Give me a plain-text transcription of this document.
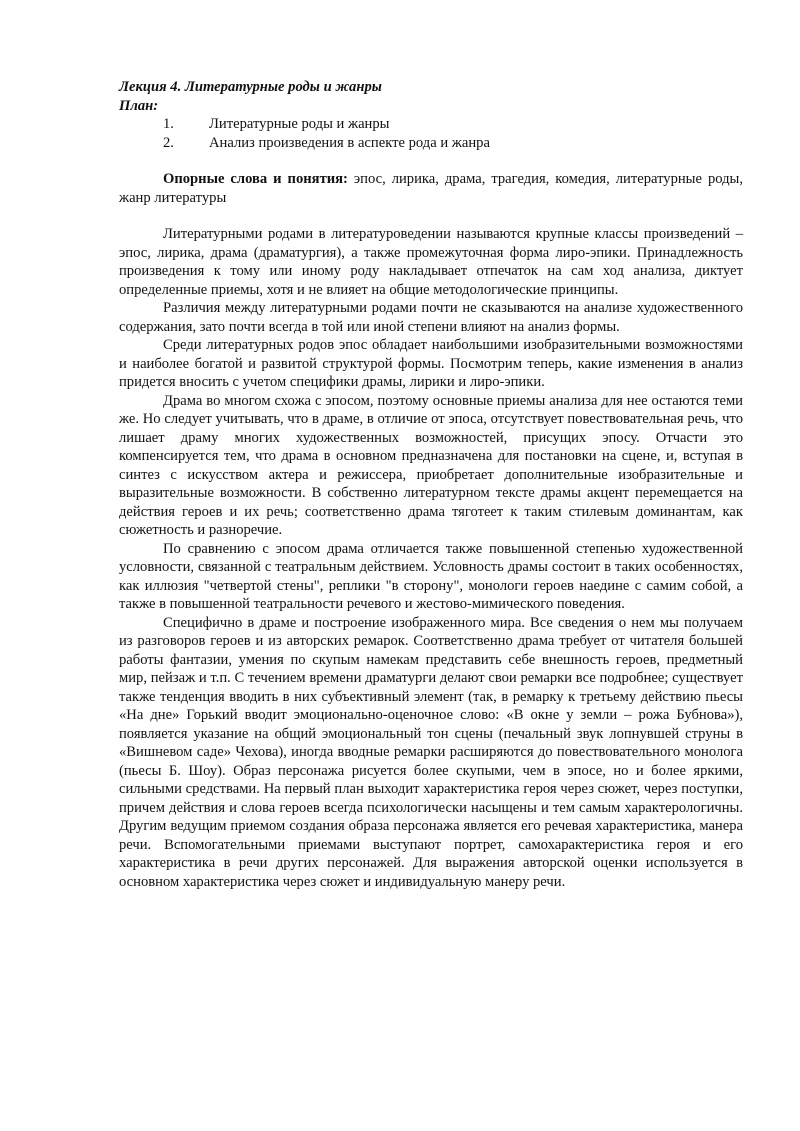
Лекция 4. Литературные роды и жанры

План:

1.	Литературные роды и жанры
2.	Анализ произведения в аспекте рода и жанра

Опорные слова и понятия: эпос, лирика, драма, трагедия, комедия, литературные роды, жанр литературы

Литературными родами в литературоведении называются крупные классы произведений – эпос, лирика, драма (драматургия), а также промежуточная форма лиро-эпики. Принадлежность произведения к тому или иному роду накладывает отпечаток на сам ход анализа, диктует определенные приемы, хотя и не влияет на общие методологические принципы.

Различия между литературными родами почти не сказываются на анализе художественного содержания, зато почти всегда в той или иной степени влияют на анализ формы.

Среди литературных родов эпос обладает наибольшими изобразительными возможностями и наиболее богатой и развитой структурой формы. Посмотрим теперь, какие изменения в анализ придется вносить с учетом специфики драмы, лирики и лиро-эпики.

Драма во многом схожа с эпосом, поэтому основные приемы анализа для нее остаются теми же. Но следует учитывать, что в драме, в отличие от эпоса, отсутствует повествовательная речь, что лишает драму многих художественных возможностей, присущих эпосу. Отчасти это компенсируется тем, что драма в основном предназначена для постановки на сцене, и, вступая в синтез с искусством актера и режиссера, приобретает дополнительные изобразительные и выразительные возможности. В собственно литературном тексте драмы акцент перемещается на действия героев и их речь; соответственно драма тяготеет к таким стилевым доминантам, как сюжетность и разноречие.

По сравнению с эпосом драма отличается также повышенной степенью художественной условности, связанной с театральным действием. Условность драмы состоит в таких особенностях, как иллюзия "четвертой стены", реплики "в сторону", монологи героев наедине с самим собой, а также в повышенной театральности речевого и жестово-мимического поведения.

Специфично в драме и построение изображенного мира. Все сведения о нем мы получаем из разговоров героев и из авторских ремарок. Соответственно драма требует от читателя большей работы фантазии, умения по скупым намекам представить себе внешность героев, предметный мир, пейзаж и т.п. С течением времени драматурги делают свои ремарки все подробнее; существует также тенденция вводить в них субъективный элемент (так, в ремарку к третьему действию пьесы «На дне» Горький вводит эмоционально-оценочное слово: «В окне у земли – рожа Бубнова»), появляется указание на общий эмоциональный тон сцены (печальный звук лопнувшей струны в «Вишневом саде» Чехова), иногда вводные ремарки расширяются до повествовательного монолога (пьесы Б. Шоу). Образ персонажа рисуется более скупыми, чем в эпосе, но и более яркими, сильными средствами. На первый план выходит характеристика героя через сюжет, через поступки, причем действия и слова героев всегда психологически насыщены и тем самым характерологичны. Другим ведущим приемом создания образа персонажа является его речевая характеристика, манера речи. Вспомогательными приемами выступают портрет, самохарактеристика героя и его характеристика в речи других персонажей. Для выражения авторской оценки используется в основном характеристика через сюжет и индивидуальную манеру речи.
